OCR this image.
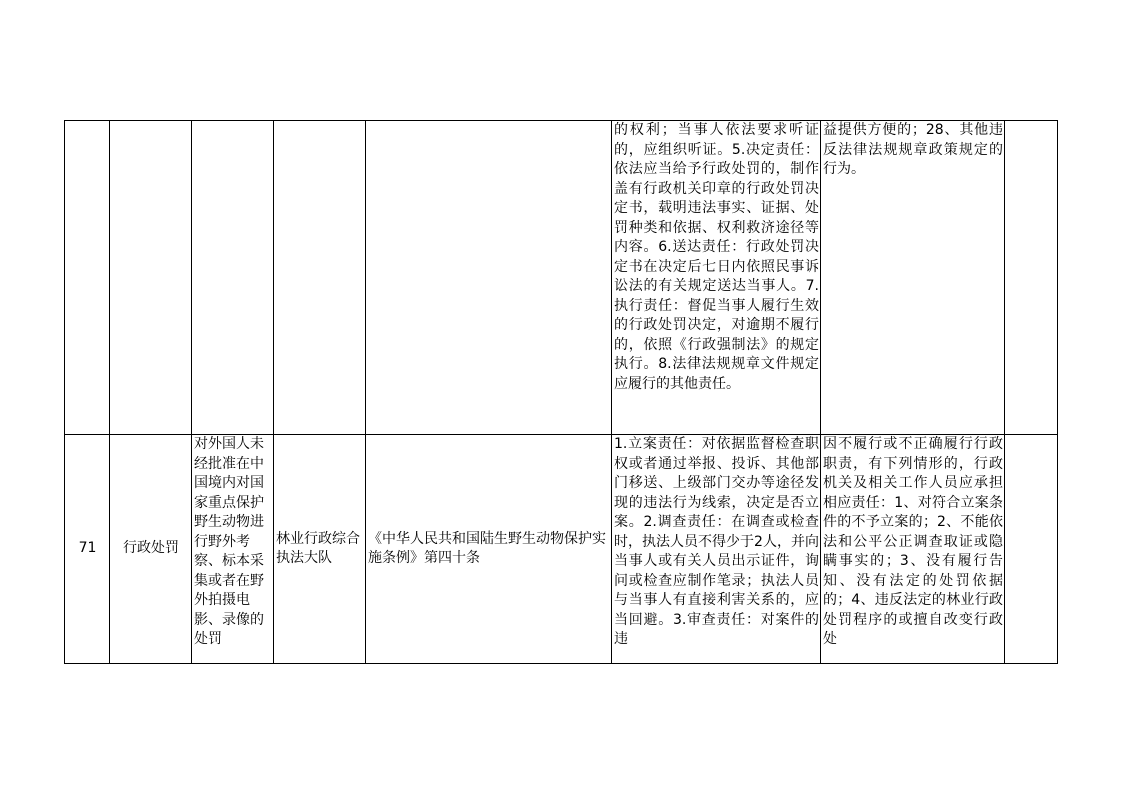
					的权利；当事人依法要求听证的，应组织听证。5.决定责任：依法应当给予行政处罚的，制作盖有行政机关印章的行政处罚决定书，载明违法事实、证据、处罚种类和依据、权利救济途径等内容。6.送达责任：行政处罚决定书在决定后七日内依照民事诉讼法的有关规定送达当事人。7.执行责任：督促当事人履行生效的行政处罚决定，对逾期不履行的，依照《行政强制法》的规定执行。8.法律法规规章文件规定应履行的其他责任。	益提供方便的；28、其他违反法律法规规章政策规定的行为。	

71	行政处罚	对外国人未经批准在中国境内对国家重点保护野生动物进行野外考察、标本采集或者在野外拍摄电影、录像的处罚	林业行政综合执法大队	《中华人民共和国陆生野生动物保护实施条例》第四十条	1.立案责任：对依据监督检查职权或者通过举报、投诉、其他部门移送、上级部门交办等途径发现的违法行为线索，决定是否立案。2.调查责任：在调查或检查时，执法人员不得少于2人，并向当事人或有关人员出示证件，询问或检查应制作笔录；执法人员与当事人有直接利害关系的，应当回避。3.审查责任：对案件的违	因不履行或不正确履行行政职责，有下列情形的，行政机关及相关工作人员应承担相应责任：1、对符合立案条件的不予立案的；2、不能依法和公平公正调查取证或隐瞒事实的；3、没有履行告知、没有法定的处罚依据的；4、违反法定的林业行政处罚程序的或擅自改变行政处	
